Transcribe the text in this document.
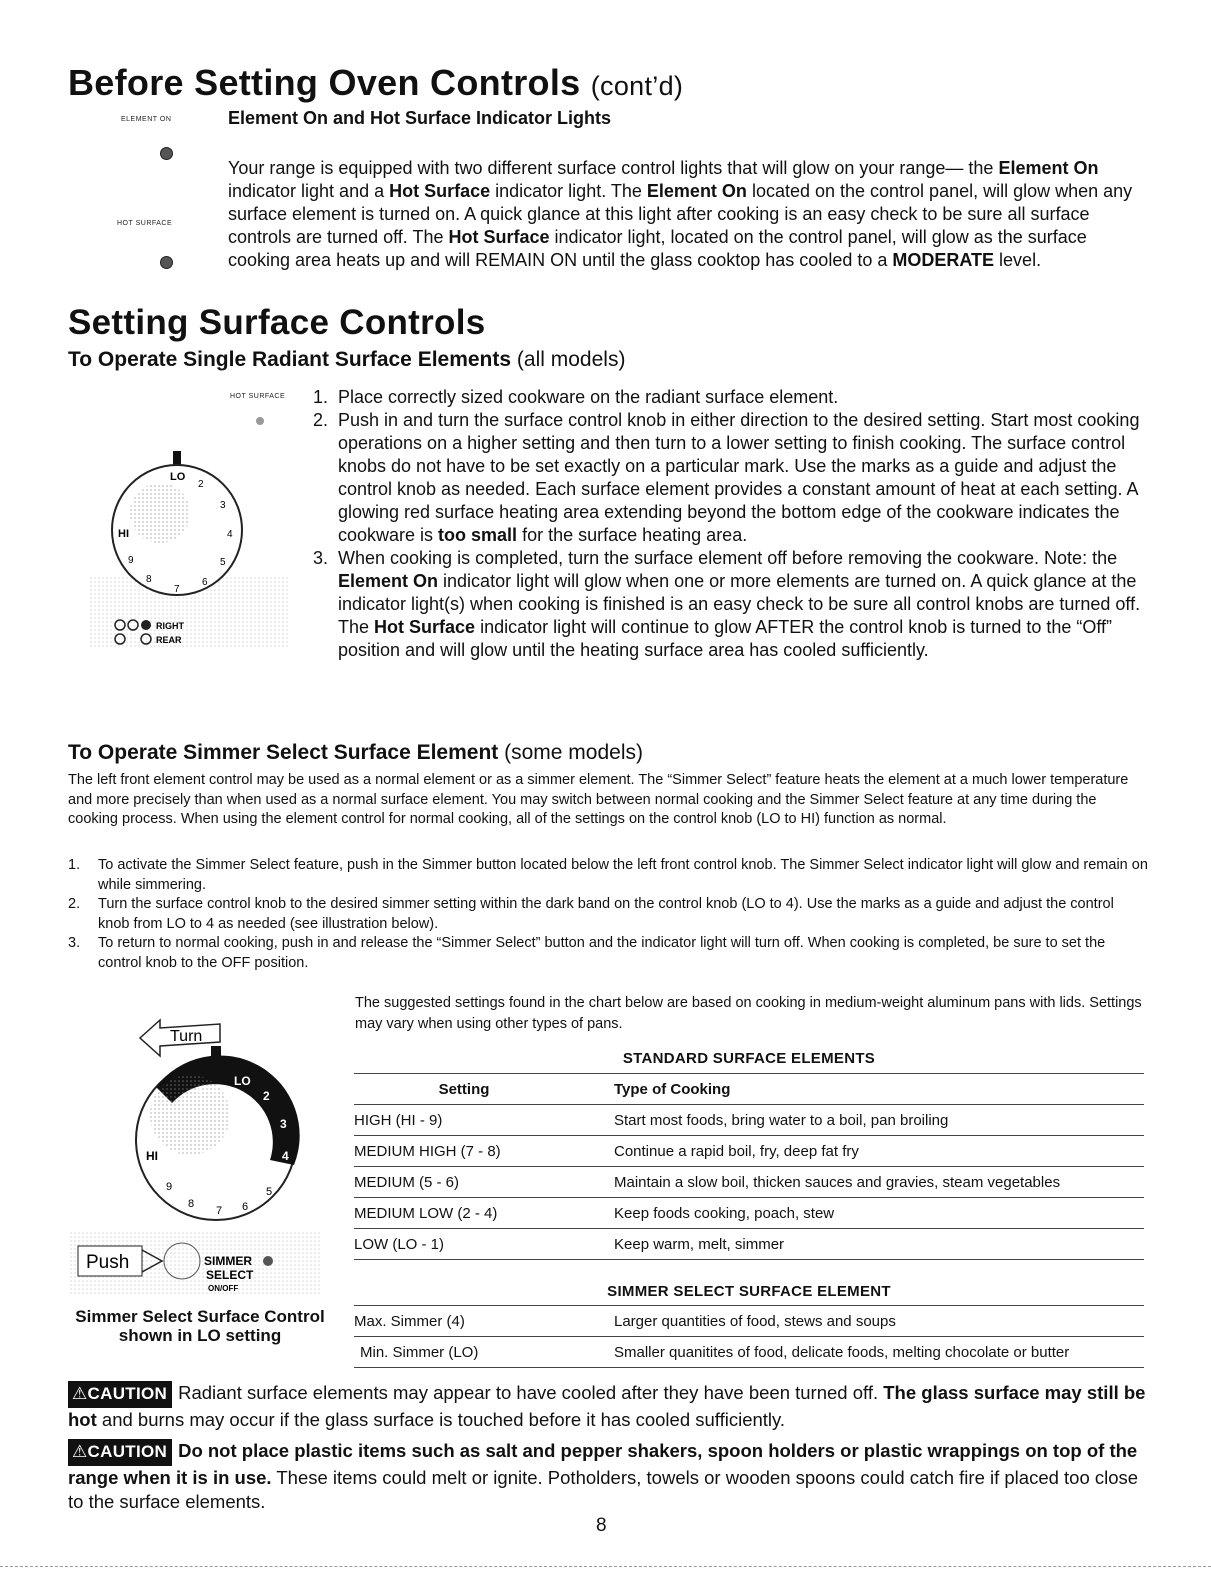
Before Setting Oven Controls (cont’d)
ELEMENT ON
HOT SURFACE
Element On and Hot Surface Indicator Lights
Your range is equipped with two different surface control lights that will glow on your range— the Element On indicator light and a Hot Surface indicator light. The Element On located on the control panel, will glow when any surface element is turned on. A quick glance at this light after cooking is an easy check to be sure all surface controls are turned off. The Hot Surface indicator light, located on the control panel, will glow as the surface cooking area heats up and will REMAIN ON until the glass cooktop has cooled to a MODERATE level.
Setting Surface Controls
To Operate Single Radiant Surface Elements (all models)
HOT SURFACE
LO
2
3
4
5
6
7
8
9
HI
RIGHT
REAR
1. Place correctly sized cookware on the radiant surface element.
2. Push in and turn the surface control knob in either direction to the desired setting. Start most cooking operations on a higher setting and then turn to a lower setting to finish cooking. The surface control knobs do not have to be set exactly on a particular mark. Use the marks as a guide and adjust the control knob as needed. Each surface element provides a constant amount of heat at each setting. A glowing red surface heating area extending beyond the bottom edge of the cookware indicates the cookware is too small for the surface heating area.
3. When cooking is completed, turn the surface element off before removing the cookware. Note: the Element On indicator light will glow when one or more elements are turned on. A quick glance at the indicator light(s) when cooking is finished is an easy check to be sure all control knobs are turned off. The Hot Surface indicator light will continue to glow AFTER the control knob is turned to the “Off” position and will glow until the heating surface area has cooled sufficiently.
To Operate Simmer Select Surface Element (some models)
The left front element control may be used as a normal element or as a simmer element. The “Simmer Select” feature heats the element at a much lower temperature and more precisely than when used as a normal surface element. You may switch between normal cooking and the Simmer Select feature at any time during the cooking process. When using the element control for normal cooking, all of the settings on the control knob (LO to HI) function as normal.
1. To activate the Simmer Select feature, push in the Simmer button located below the left front control knob. The Simmer Select indicator light will glow and remain on while simmering.
2. Turn the surface control knob to the desired simmer setting within the dark band on the control knob (LO to 4). Use the marks as a guide and adjust the control knob from LO to 4 as needed (see illustration below).
3. To return to normal cooking, push in and release the “Simmer Select” button and the indicator light will turn off. When cooking is completed, be sure to set the control knob to the OFF position.
Turn
OFF
LO
2
3
4
5
6
7
8
9
HI
Push	SIMMER
SELECT
ON/OFF
Simmer Select Surface Control
shown in LO setting
The suggested settings found in the chart below are based on cooking in medium-weight aluminum pans with lids. Settings may vary when using other types of pans.
STANDARD SURFACE ELEMENTS	
Setting	Type of Cooking
HIGH (HI - 9)	Start most foods, bring water to a boil, pan broiling
MEDIUM HIGH (7 - 8)	Continue a rapid boil, fry, deep fat fry
MEDIUM (5 - 6)	Maintain a slow boil, thicken sauces and gravies, steam vegetables
MEDIUM LOW (2 - 4)	Keep foods cooking, poach, stew
LOW (LO - 1)	Keep warm, melt, simmer
SIMMER SELECT SURFACE ELEMENT	
Max. Simmer (4)	Larger quantities of food, stews and soups
Min. Simmer (LO)	Smaller quanitites of food, delicate foods, melting chocolate or butter
⚠CAUTION Radiant surface elements may appear to have cooled after they have been turned off. The glass surface may still be hot and burns may occur if the glass surface is touched before it has cooled sufficiently.
⚠CAUTION Do not place plastic items such as salt and pepper shakers, spoon holders or plastic wrappings on top of the range when it is in use. These items could melt or ignite. Potholders, towels or wooden spoons could catch fire if placed too close to the surface elements.
8
